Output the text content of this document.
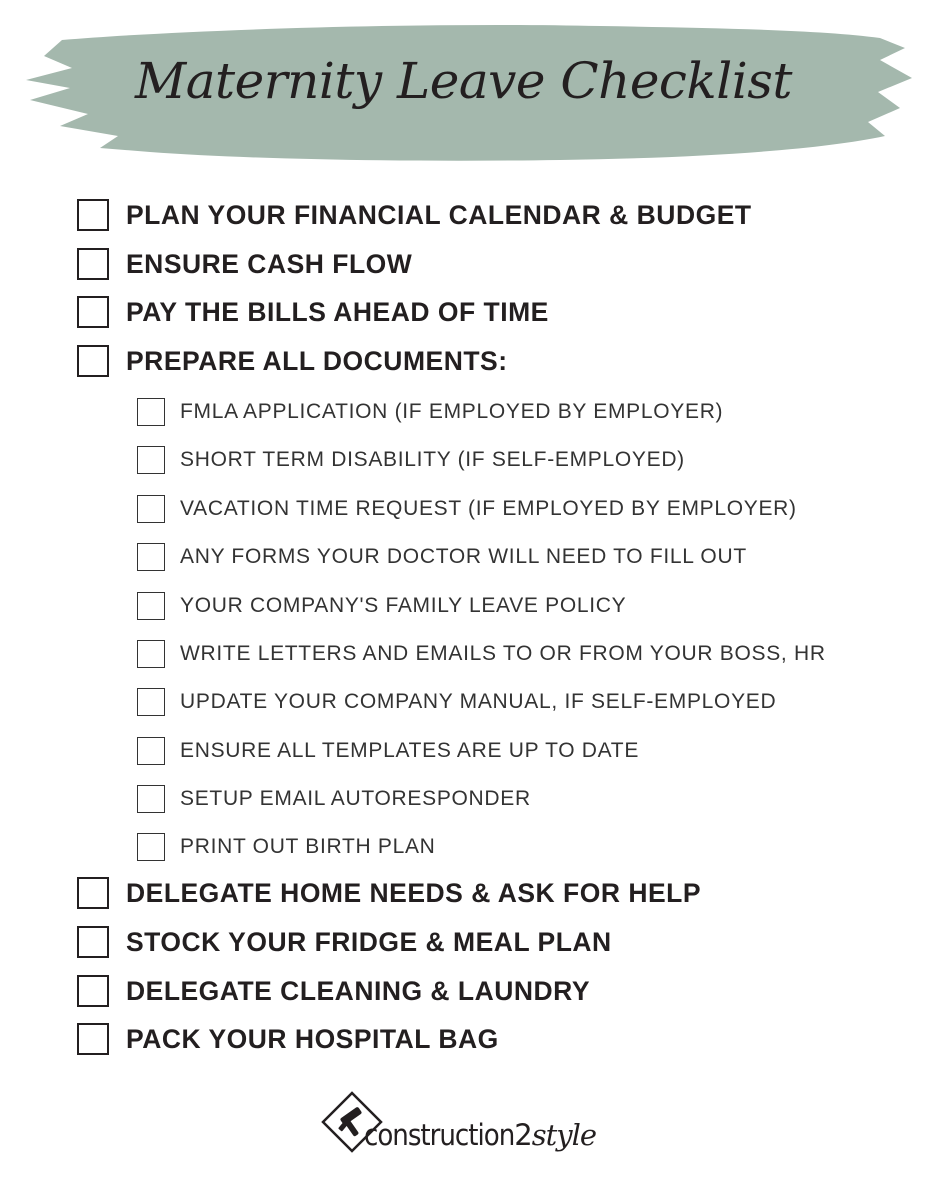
Maternity Leave Checklist
PLAN YOUR FINANCIAL CALENDAR & BUDGET
ENSURE CASH FLOW
PAY THE BILLS AHEAD OF TIME
PREPARE ALL DOCUMENTS:
FMLA APPLICATION (IF EMPLOYED BY EMPLOYER)
SHORT TERM DISABILITY (IF SELF-EMPLOYED)
VACATION TIME REQUEST (IF EMPLOYED BY EMPLOYER)
ANY FORMS YOUR DOCTOR WILL NEED TO FILL OUT
YOUR COMPANY'S FAMILY LEAVE POLICY
WRITE LETTERS AND EMAILS TO OR FROM YOUR BOSS, HR
UPDATE YOUR COMPANY MANUAL, IF SELF-EMPLOYED
ENSURE ALL TEMPLATES ARE UP TO DATE
SETUP EMAIL AUTORESPONDER
PRINT OUT BIRTH PLAN
DELEGATE HOME NEEDS & ASK FOR HELP
STOCK YOUR FRIDGE & MEAL PLAN
DELEGATE CLEANING & LAUNDRY
PACK YOUR HOSPITAL BAG
construction2style
